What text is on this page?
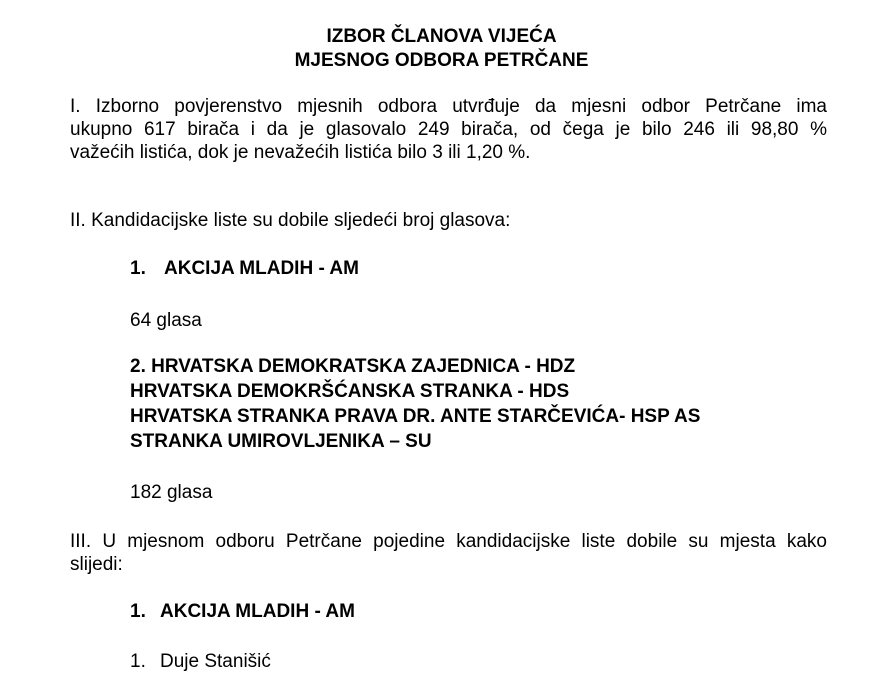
IZBOR ČLANOVA VIJEĆA
MJESNOG ODBORA PETRČANE
I. Izborno povjerenstvo mjesnih odbora utvrđuje da mjesni odbor Petrčane ima
ukupno 617 birača i da je glasovalo 249 birača, od čega je bilo 246 ili 98,80 %
važećih listića, dok je nevažećih listića bilo 3 ili 1,20 %.
II. Kandidacijske liste su dobile sljedeći broj glasova:
1. AKCIJA MLADIH - AM
64 glasa
2. HRVATSKA DEMOKRATSKA ZAJEDNICA - HDZ
HRVATSKA DEMOKRŠĆANSKA STRANKA - HDS
HRVATSKA STRANKA PRAVA DR. ANTE STARČEVIĆA- HSP AS
STRANKA UMIROVLJENIKA – SU
182 glasa
III. U mjesnom odboru Petrčane pojedine kandidacijske liste dobile su mjesta kako
slijedi:
1. AKCIJA MLADIH - AM
1. Duje Stanišić
